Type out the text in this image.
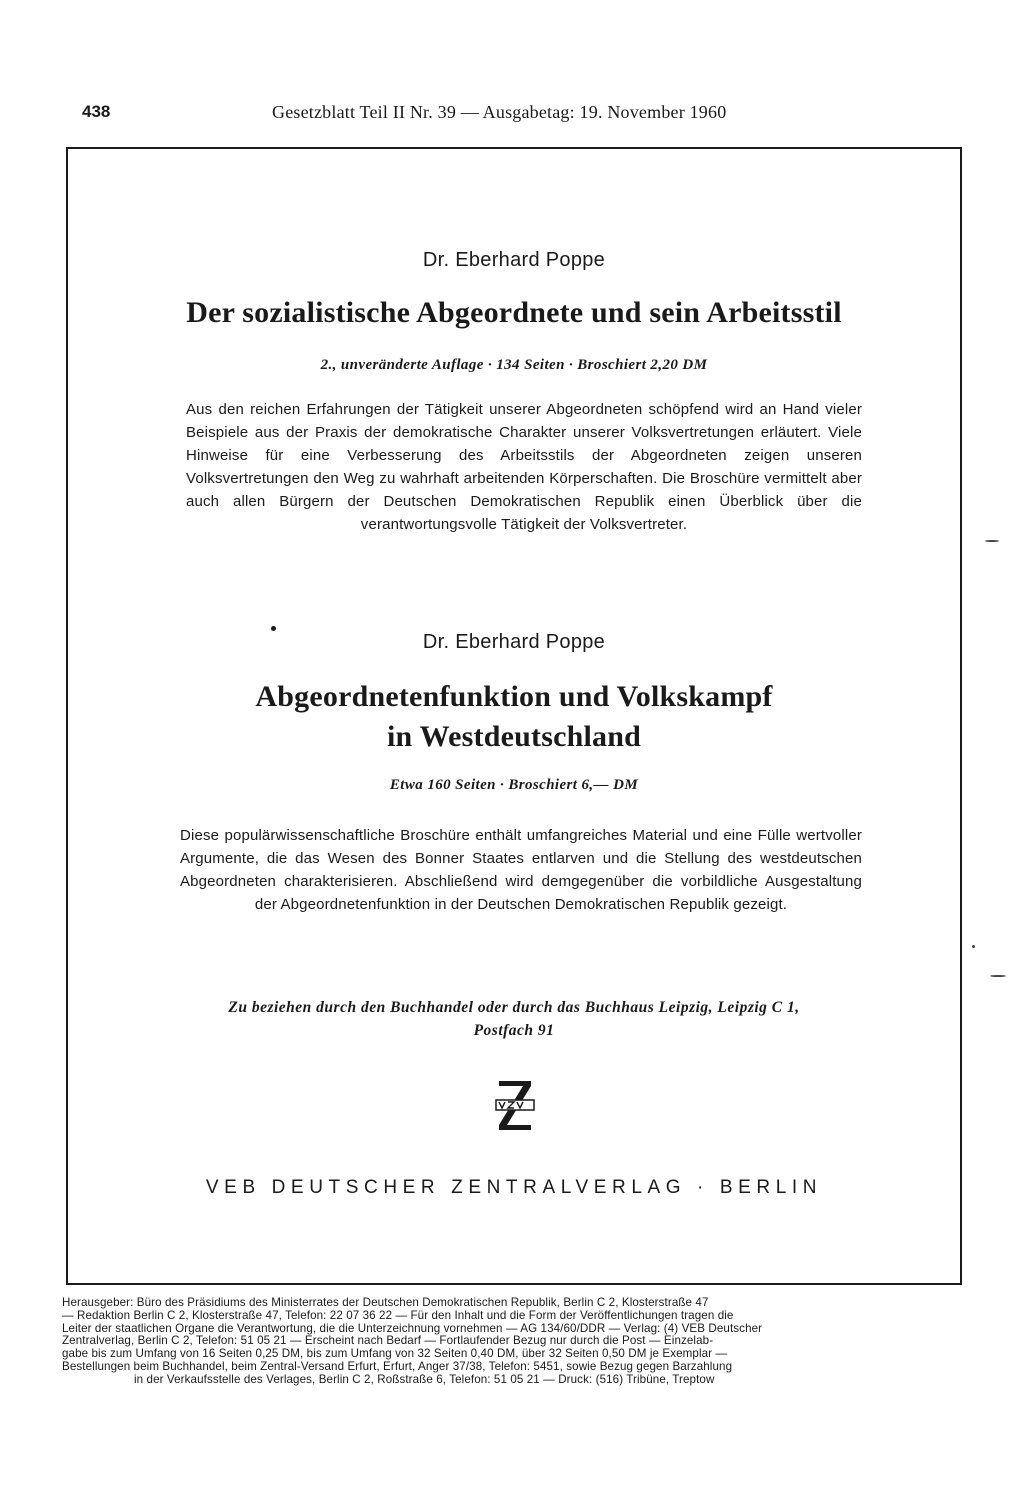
438	Gesetzblatt Teil II Nr. 39 — Ausgabetag: 19. November 1960
Dr. Eberhard Poppe
Der sozialistische Abgeordnete und sein Arbeitsstil
2., unveränderte Auflage · 134 Seiten · Broschiert 2,20 DM
Aus den reichen Erfahrungen der Tätigkeit unserer Abgeordneten schöpfend wird an Hand vieler Beispiele aus der Praxis der demokratische Charakter unserer Volksvertretungen erläutert. Viele Hinweise für eine Verbesserung des Arbeitsstils der Abgeordneten zeigen unseren Volksvertretungen den Weg zu wahrhaft arbeitenden Körperschaften. Die Broschüre vermittelt aber auch allen Bürgern der Deutschen Demokratischen Republik einen Überblick über die verantwortungsvolle Tätigkeit der Volksvertreter.
Dr. Eberhard Poppe
Abgeordnetenfunktion und Volkskampf
in Westdeutschland
Etwa 160 Seiten · Broschiert 6,— DM
Diese populärwissenschaftliche Broschüre enthält umfangreiches Material und eine Fülle wertvoller Argumente, die das Wesen des Bonner Staates entlarven und die Stellung des westdeutschen Abgeordneten charakterisieren. Abschließend wird demgegenüber die vorbildliche Ausgestaltung der Abgeordnetenfunktion in der Deutschen Demokratischen Republik gezeigt.
Zu beziehen durch den Buchhandel oder durch das Buchhaus Leipzig, Leipzig C 1,
Postfach 91
VEB DEUTSCHER ZENTRALVERLAG · BERLIN
Herausgeber: Büro des Präsidiums des Ministerrates der Deutschen Demokratischen Republik, Berlin C 2, Klosterstraße 47
— Redaktion Berlin C 2, Klosterstraße 47, Telefon: 22 07 36 22 — Für den Inhalt und die Form der Veröffentlichungen tragen die
Leiter der staatlichen Organe die Verantwortung, die die Unterzeichnung vornehmen — AG 134/60/DDR — Verlag: (4) VEB Deutscher
Zentralverlag, Berlin C 2, Telefon: 51 05 21 — Erscheint nach Bedarf — Fortlaufender Bezug nur durch die Post — Einzelab-
gabe bis zum Umfang von 16 Seiten 0,25 DM, bis zum Umfang von 32 Seiten 0,40 DM, über 32 Seiten 0,50 DM je Exemplar —
Bestellungen beim Buchhandel, beim Zentral-Versand Erfurt, Erfurt, Anger 37/38, Telefon: 5451, sowie Bezug gegen Barzahlung
in der Verkaufsstelle des Verlages, Berlin C 2, Roßstraße 6, Telefon: 51 05 21 — Druck: (516) Tribüne, Treptow
